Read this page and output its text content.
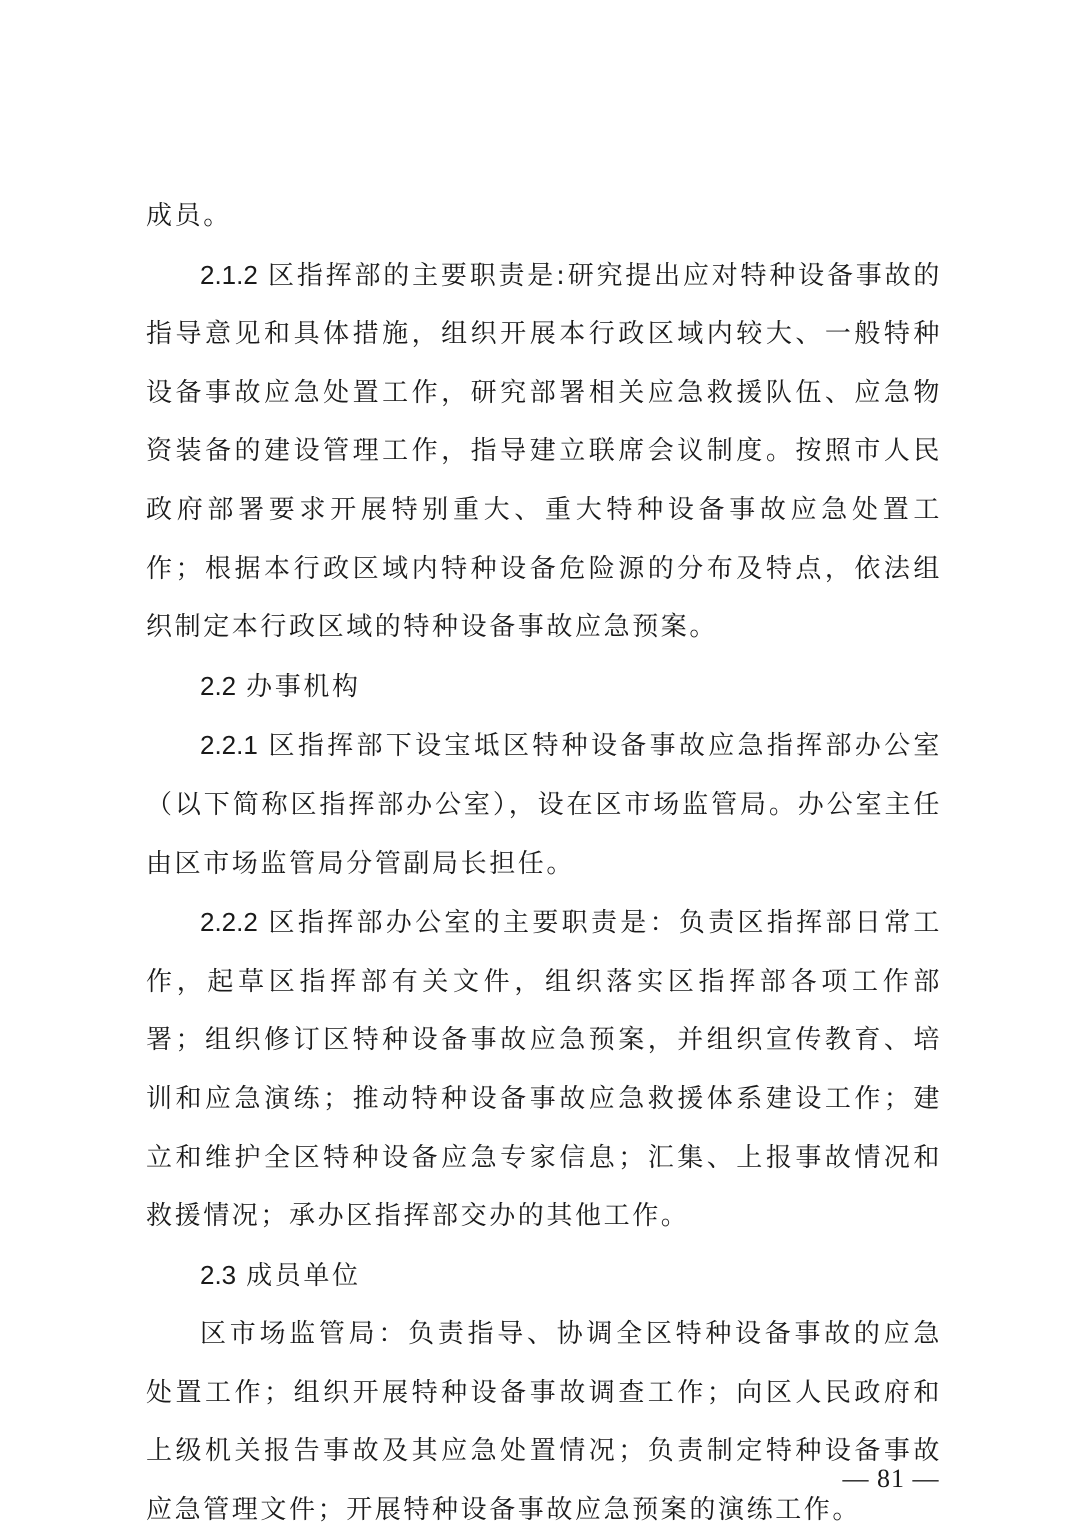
成员。

2.1.2 区指挥部的主要职责是:研究提出应对特种设备事故的指导意见和具体措施，组织开展本行政区域内较大、一般特种设备事故应急处置工作，研究部署相关应急救援队伍、应急物资装备的建设管理工作，指导建立联席会议制度。按照市人民政府部署要求开展特别重大、重大特种设备事故应急处置工作；根据本行政区域内特种设备危险源的分布及特点，依法组织制定本行政区域的特种设备事故应急预案。

2.2 办事机构

2.2.1 区指挥部下设宝坻区特种设备事故应急指挥部办公室（以下简称区指挥部办公室），设在区市场监管局。办公室主任由区市场监管局分管副局长担任。

2.2.2 区指挥部办公室的主要职责是：负责区指挥部日常工作，起草区指挥部有关文件，组织落实区指挥部各项工作部署；组织修订区特种设备事故应急预案，并组织宣传教育、培训和应急演练；推动特种设备事故应急救援体系建设工作；建立和维护全区特种设备应急专家信息；汇集、上报事故情况和救援情况；承办区指挥部交办的其他工作。

2.3 成员单位

区市场监管局：负责指导、协调全区特种设备事故的应急处置工作；组织开展特种设备事故调查工作；向区人民政府和上级机关报告事故及其应急处置情况；负责制定特种设备事故应急管理文件；开展特种设备事故应急预案的演练工作。

— 81 —
